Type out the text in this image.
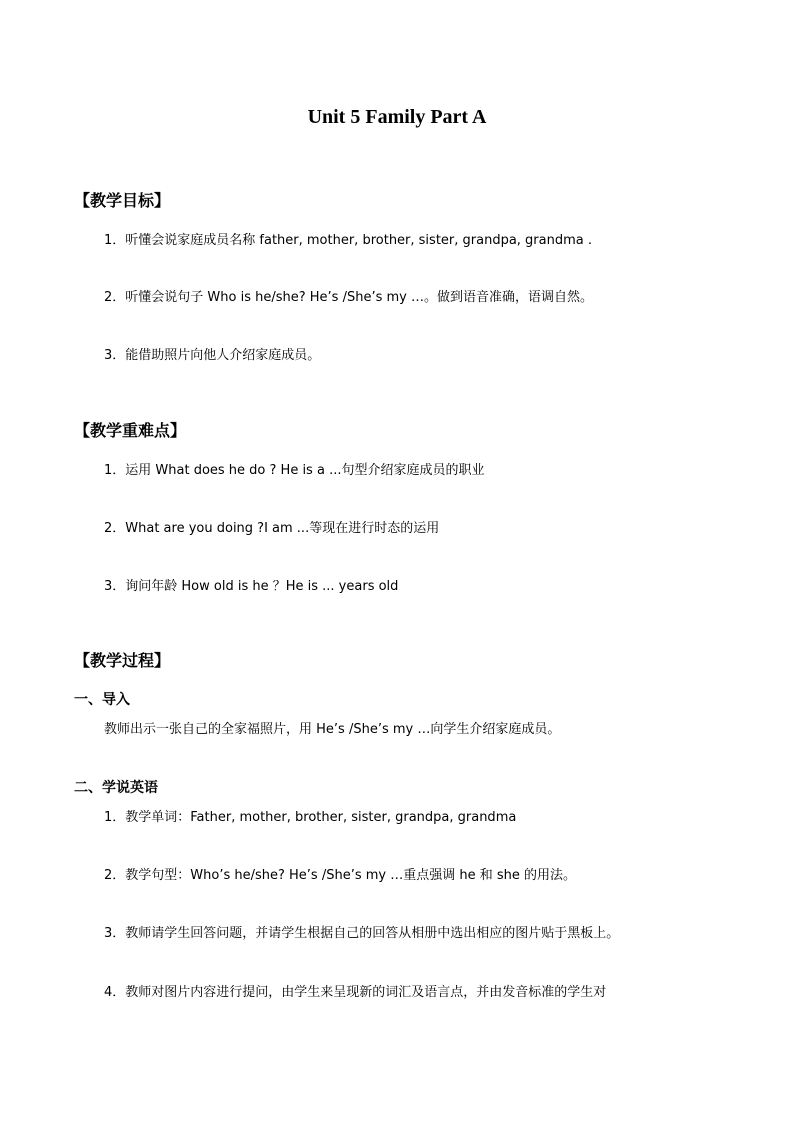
Unit 5 Family Part A
【教学目标】
1．听懂会说家庭成员名称 father, mother, brother, sister, grandpa, grandma .
2．听懂会说句子 Who is he/she? He’s /She’s my …。做到语音准确，语调自然。
3．能借助照片向他人介绍家庭成员。
【教学重难点】
1．运用 What does he do ? He is a ...句型介绍家庭成员的职业
2．What are you doing ?I am ...等现在进行时态的运用
3．询问年龄 How old is he ？He is ... years old
【教学过程】
一、导入
教师出示一张自己的全家福照片，用 He’s /She’s my …向学生介绍家庭成员。
二、学说英语
1．教学单词：Father, mother, brother, sister, grandpa, grandma
2．教学句型：Who’s he/she? He’s /She’s my …重点强调 he 和 she 的用法。
3．教师请学生回答问题，并请学生根据自己的回答从相册中选出相应的图片贴于黑板上。
4．教师对图片内容进行提问，由学生来呈现新的词汇及语言点，并由发音标准的学生对
